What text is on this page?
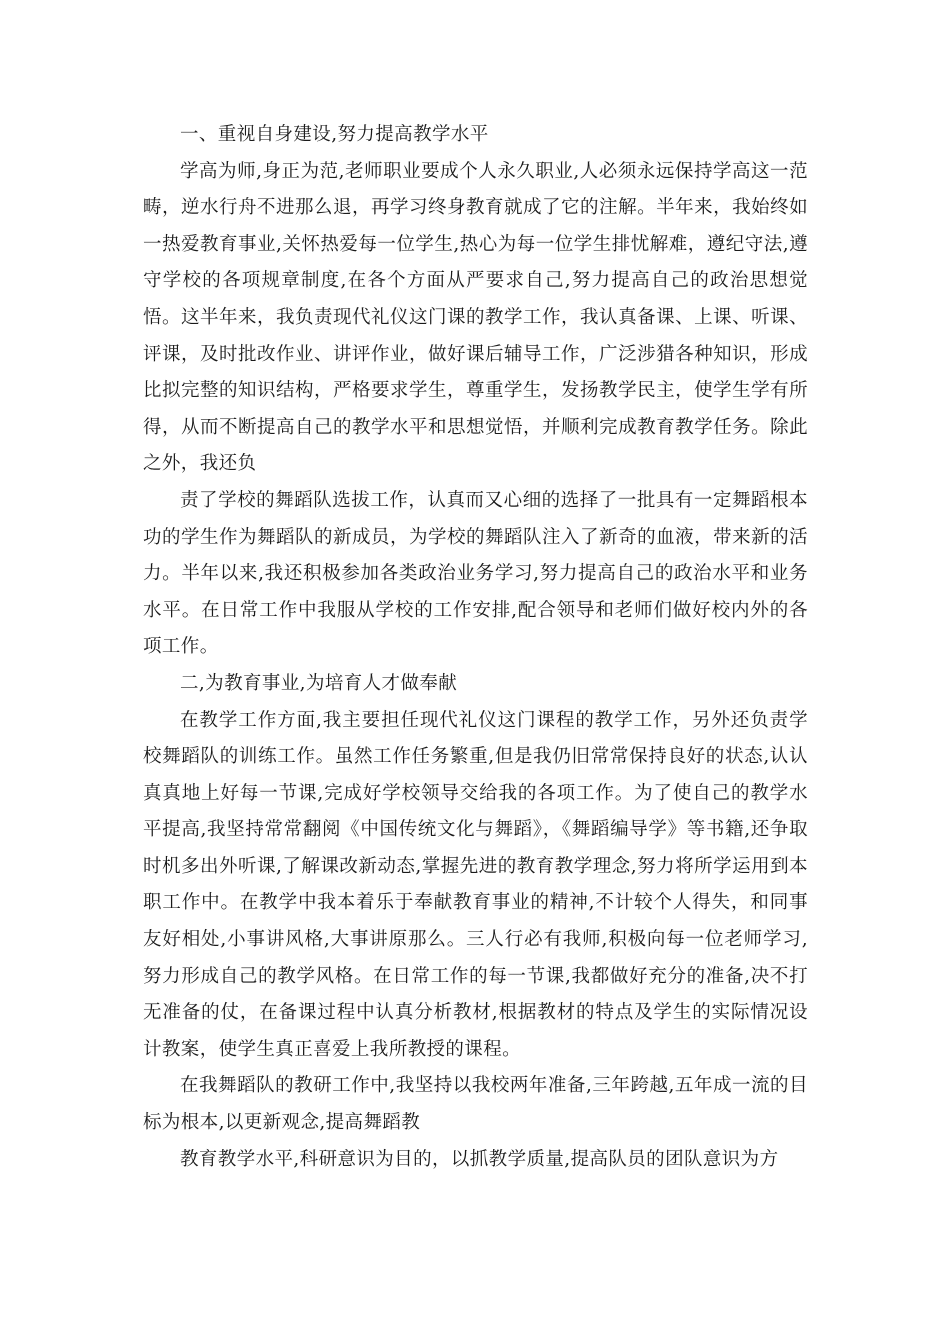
一、重视自身建设,努力提高教学水平

学高为师,身正为范,老师职业要成个人永久职业,人必须永远保持学高这一范畴，逆水行舟不进那么退，再学习终身教育就成了它的注解。半年来，我始终如一热爱教育事业,关怀热爱每一位学生,热心为每一位学生排忧解难，遵纪守法,遵守学校的各项规章制度,在各个方面从严要求自己,努力提高自己的政治思想觉悟。这半年来，我负责现代礼仪这门课的教学工作，我认真备课、上课、听课、评课，及时批改作业、讲评作业，做好课后辅导工作，广泛涉猎各种知识，形成比拟完整的知识结构，严格要求学生，尊重学生，发扬教学民主，使学生学有所得，从而不断提高自己的教学水平和思想觉悟，并顺利完成教育教学任务。除此之外，我还负

责了学校的舞蹈队选拔工作，认真而又心细的选择了一批具有一定舞蹈根本功的学生作为舞蹈队的新成员，为学校的舞蹈队注入了新奇的血液，带来新的活力。半年以来,我还积极参加各类政治业务学习,努力提高自己的政治水平和业务水平。在日常工作中我服从学校的工作安排,配合领导和老师们做好校内外的各项工作。

二,为教育事业,为培育人才做奉献

在教学工作方面,我主要担任现代礼仪这门课程的教学工作，另外还负责学校舞蹈队的训练工作。虽然工作任务繁重,但是我仍旧常常保持良好的状态,认认真真地上好每一节课,完成好学校领导交给我的各项工作。为了使自己的教学水平提高,我坚持常常翻阅《中国传统文化与舞蹈》，《舞蹈编导学》等书籍,还争取时机多出外听课,了解课改新动态,掌握先进的教育教学理念,努力将所学运用到本职工作中。在教学中我本着乐于奉献教育事业的精神,不计较个人得失，和同事友好相处,小事讲风格,大事讲原那么。三人行必有我师,积极向每一位老师学习,努力形成自己的教学风格。在日常工作的每一节课,我都做好充分的准备,决不打无准备的仗，在备课过程中认真分析教材,根据教材的特点及学生的实际情况设计教案，使学生真正喜爱上我所教授的课程。

在我舞蹈队的教研工作中,我坚持以我校两年准备,三年跨越,五年成一流的目标为根本,以更新观念,提高舞蹈教

教育教学水平,科研意识为目的，以抓教学质量,提高队员的团队意识为方
